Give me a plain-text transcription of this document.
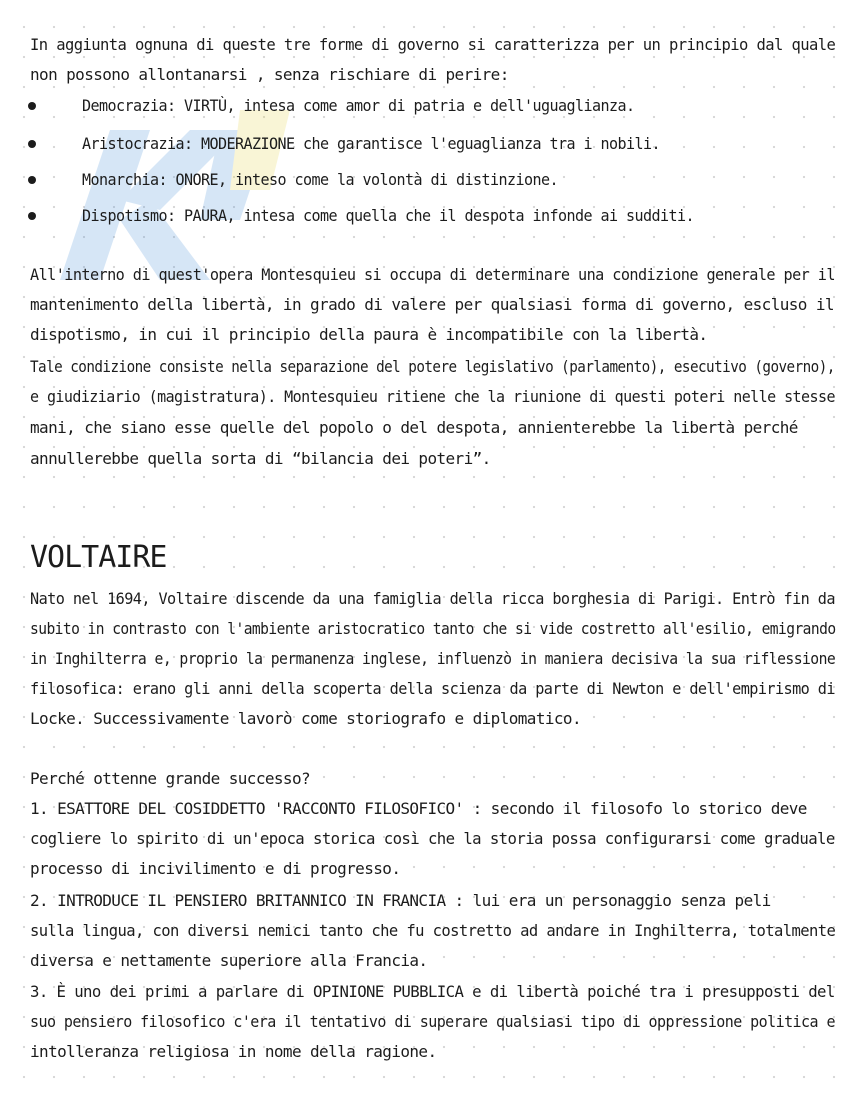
In aggiunta ognuna di queste tre forme di governo si caratterizza per un principio dal quale
non possono allontanarsi , senza rischiare di perire:
Democrazia: VIRTÙ, intesa come amor di patria e dell'uguaglianza.
Aristocrazia: MODERAZIONE che garantisce l'eguaglianza tra i nobili.
Monarchia: ONORE, inteso come la volontà di distinzione.
Dispotismo: PAURA, intesa come quella che il despota infonde ai sudditi.
All'interno di quest'opera Montesquieu si occupa di determinare una condizione generale per il
mantenimento della libertà, in grado di valere per qualsiasi forma di governo, escluso il
dispotismo, in cui il principio della paura è incompatibile con la libertà.
Tale condizione consiste nella separazione del potere legislativo (parlamento), esecutivo (governo),
e giudiziario (magistratura). Montesquieu ritiene che la riunione di questi poteri nelle stesse
mani, che siano esse quelle del popolo o del despota, annienterebbe la libertà perché
annullerebbe quella sorta di “bilancia dei poteri”.
VOLTAIRE
Nato nel 1694, Voltaire discende da una famiglia della ricca borghesia di Parigi. Entrò fin da
subito in contrasto con l'ambiente aristocratico tanto che si vide costretto all'esilio, emigrando
in Inghilterra e, proprio la permanenza inglese, influenzò in maniera decisiva la sua riflessione
filosofica: erano gli anni della scoperta della scienza da parte di Newton e dell'empirismo di
Locke. Successivamente lavorò come storiografo e diplomatico.
Perché ottenne grande successo?
1. ESATTORE DEL COSIDDETTO 'RACCONTO FILOSOFICO' : secondo il filosofo lo storico deve
cogliere lo spirito di un'epoca storica così che la storia possa configurarsi come graduale
processo di incivilimento e di progresso.
2. INTRODUCE IL PENSIERO BRITANNICO IN FRANCIA : lui era un personaggio senza peli
sulla lingua, con diversi nemici tanto che fu costretto ad andare in Inghilterra, totalmente
diversa e nettamente superiore alla Francia.
3. È uno dei primi a parlare di OPINIONE PUBBLICA e di libertà poiché tra i presupposti del
suo pensiero filosofico c'era il tentativo di superare qualsiasi tipo di oppressione politica e
intolleranza religiosa in nome della ragione.
